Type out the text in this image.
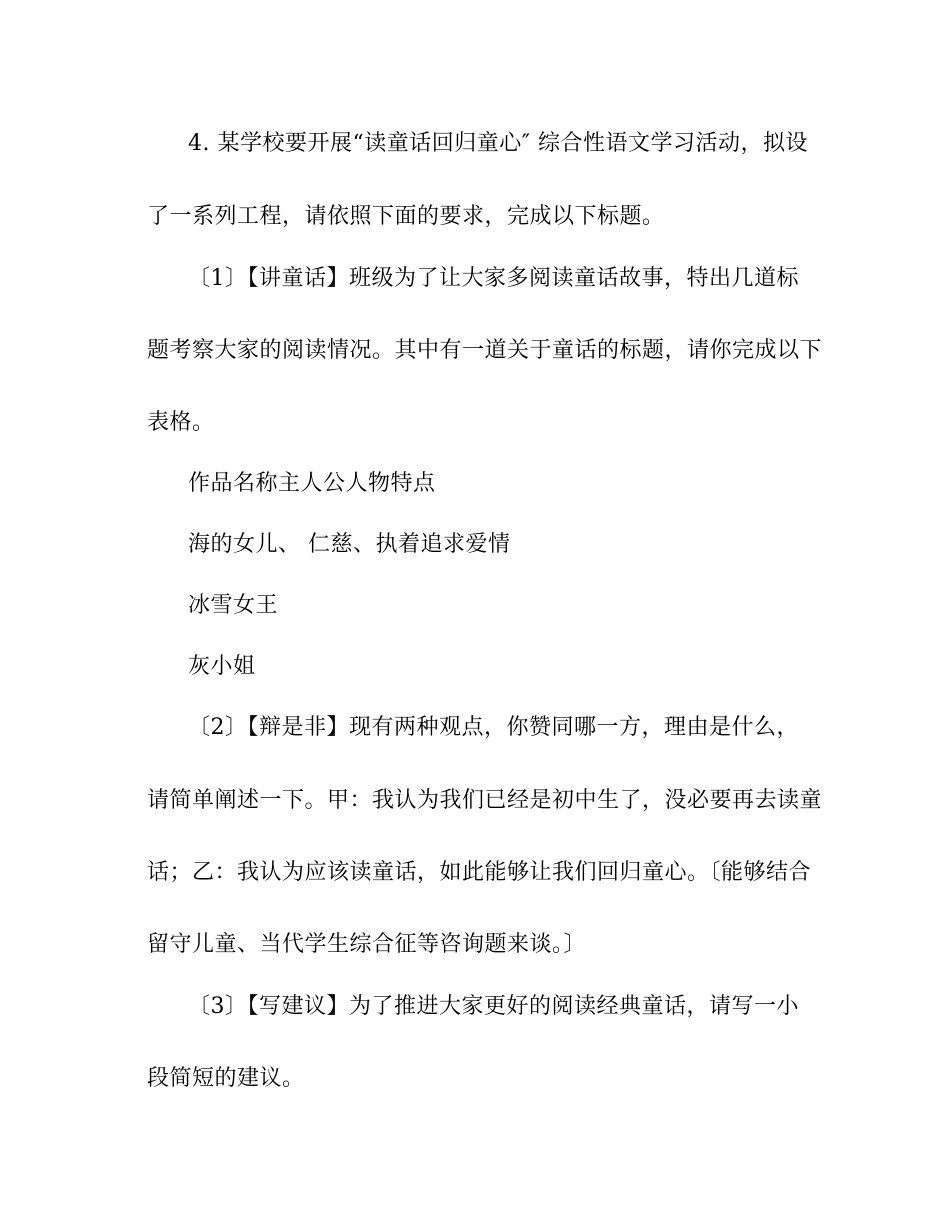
4. 某学校要开展“读童话回归童心″ 综合性语文学习活动，拟设
了一系列工程，请依照下面的要求，完成以下标题。
〔1〕【讲童话】班级为了让大家多阅读童话故事，特出几道标
题考察大家的阅读情况。其中有一道关于童话的标题，请你完成以下
表格。
作品名称主人公人物特点
海的女儿、 仁慈、执着追求爱情
冰雪女王
灰小姐
〔2〕【辩是非】现有两种观点，你赞同哪一方，理由是什么，
请简单阐述一下。甲：我认为我们已经是初中生了，没必要再去读童
话；乙：我认为应该读童话，如此能够让我们回归童心。〔能够结合
留守儿童、当代学生综合征等咨询题来谈。〕
〔3〕【写建议】为了推进大家更好的阅读经典童话，请写一小
段简短的建议。
